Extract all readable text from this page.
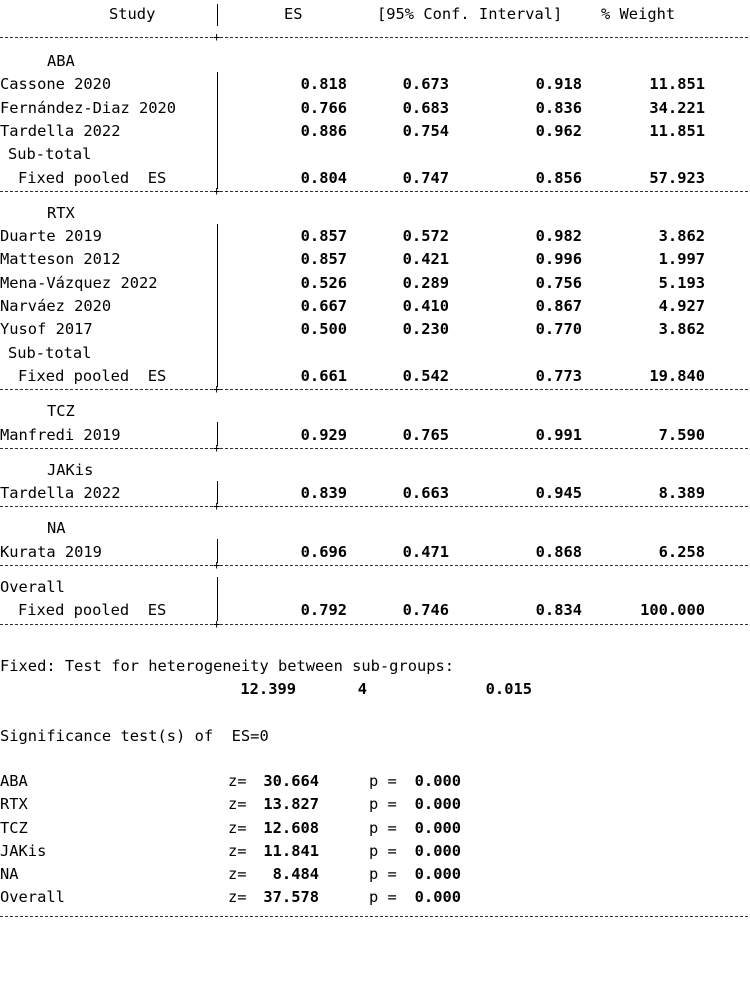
Study	ES	[95% Conf. Interval]	% Weight
+
ABA
Cassone 2020	0.818	0.673	0.918	11.851
Fernández-Diaz 2020	0.766	0.683	0.836	34.221
Tardella 2022	0.886	0.754	0.962	11.851
Sub-total
Fixed pooled  ES	0.804	0.747	0.856	57.923
+
RTX
Duarte 2019	0.857	0.572	0.982	3.862
Matteson 2012	0.857	0.421	0.996	1.997
Mena-Vázquez 2022	0.526	0.289	0.756	5.193
Narváez 2020	0.667	0.410	0.867	4.927
Yusof 2017	0.500	0.230	0.770	3.862
Sub-total
Fixed pooled  ES	0.661	0.542	0.773	19.840
+
TCZ
Manfredi 2019	0.929	0.765	0.991	7.590
+
JAKis
Tardella 2022	0.839	0.663	0.945	8.389
+
NA
Kurata 2019	0.696	0.471	0.868	6.258
+
Overall
Fixed pooled  ES	0.792	0.746	0.834	100.000
+
Fixed: Test for heterogeneity between sub-groups:
12.399	4	0.015
Significance test(s) of  ES=0
ABA	z= 30.664	p = 0.000
RTX	z= 13.827	p = 0.000
TCZ	z= 12.608	p = 0.000
JAKis	z= 11.841	p = 0.000
NA	z= 8.484	p = 0.000
Overall	z= 37.578	p = 0.000
